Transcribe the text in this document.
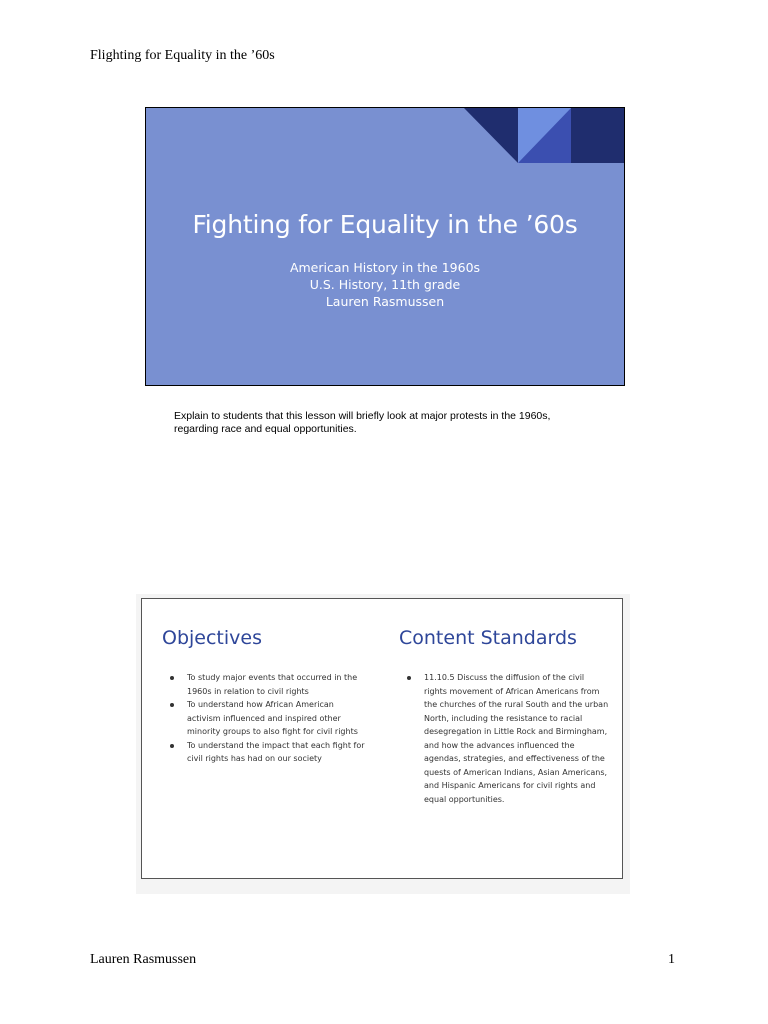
Flighting for Equality in the ’60s
Fighting for Equality in the ’60s
American History in the 1960s
U.S. History, 11th grade
Lauren Rasmussen
Explain to students that this lesson will briefly look at major protests in the 1960s, regarding race and equal opportunities.
Objectives
To study major events that occurred in the 1960s in relation to civil rights
To understand how African American activism influenced and inspired other minority groups to also fight for civil rights
To understand the impact that each fight for civil rights has had on our society
Content Standards
11.10.5 Discuss the diffusion of the civil rights movement of African Americans from the churches of the rural South and the urban North, including the resistance to racial desegregation in Little Rock and Birmingham, and how the advances influenced the agendas, strategies, and effectiveness of the quests of American Indians, Asian Americans, and Hispanic Americans for civil rights and equal opportunities.
Lauren Rasmussen	1
